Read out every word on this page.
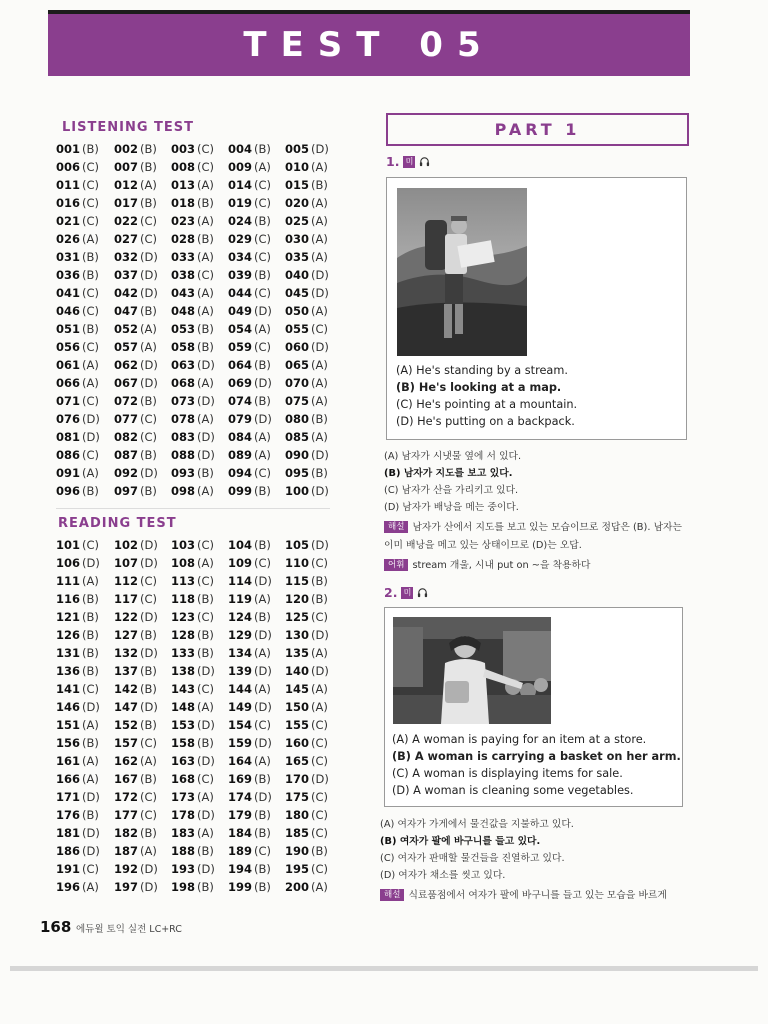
TEST 05
LISTENING TEST
001 (B)	002 (B)	003 (C)	004 (B)	005 (D)
006 (C)	007 (B)	008 (C)	009 (A)	010 (A)
011 (C)	012 (A)	013 (A)	014 (C)	015 (B)
016 (C)	017 (B)	018 (B)	019 (C)	020 (A)
021 (C)	022 (C)	023 (A)	024 (B)	025 (A)
026 (A)	027 (C)	028 (B)	029 (C)	030 (A)
031 (B)	032 (D)	033 (A)	034 (C)	035 (A)
036 (B)	037 (D)	038 (C)	039 (B)	040 (D)
041 (C)	042 (D)	043 (A)	044 (C)	045 (D)
046 (C)	047 (B)	048 (A)	049 (D)	050 (A)
051 (B)	052 (A)	053 (B)	054 (A)	055 (C)
056 (C)	057 (A)	058 (B)	059 (C)	060 (D)
061 (A)	062 (D)	063 (D)	064 (B)	065 (A)
066 (A)	067 (D)	068 (A)	069 (D)	070 (A)
071 (C)	072 (B)	073 (D)	074 (B)	075 (A)
076 (D)	077 (C)	078 (A)	079 (D)	080 (B)
081 (D)	082 (C)	083 (D)	084 (A)	085 (A)
086 (C)	087 (B)	088 (D)	089 (A)	090 (D)
091 (A)	092 (D)	093 (B)	094 (C)	095 (B)
096 (B)	097 (B)	098 (A)	099 (B)	100 (D)
READING TEST
101 (C)	102 (D)	103 (C)	104 (B)	105 (D)
106 (D)	107 (D)	108 (A)	109 (C)	110 (C)
111 (A)	112 (C)	113 (C)	114 (D)	115 (B)
116 (B)	117 (C)	118 (B)	119 (A)	120 (B)
121 (B)	122 (D)	123 (C)	124 (B)	125 (C)
126 (B)	127 (B)	128 (B)	129 (D)	130 (D)
131 (B)	132 (D)	133 (B)	134 (A)	135 (A)
136 (B)	137 (B)	138 (D)	139 (D)	140 (D)
141 (C)	142 (B)	143 (C)	144 (A)	145 (A)
146 (D)	147 (D)	148 (A)	149 (D)	150 (A)
151 (A)	152 (B)	153 (D)	154 (C)	155 (C)
156 (B)	157 (C)	158 (B)	159 (D)	160 (C)
161 (A)	162 (A)	163 (D)	164 (A)	165 (C)
166 (A)	167 (B)	168 (C)	169 (B)	170 (D)
171 (D)	172 (C)	173 (A)	174 (D)	175 (C)
176 (B)	177 (C)	178 (D)	179 (B)	180 (C)
181 (D)	182 (B)	183 (A)	184 (B)	185 (C)
186 (D)	187 (A)	188 (B)	189 (C)	190 (B)
191 (C)	192 (D)	193 (D)	194 (B)	195 (C)
196 (A)	197 (D)	198 (B)	199 (B)	200 (A)
PART 1
1. 미
(A) He's standing by a stream.
(B) He's looking at a map.
(C) He's pointing at a mountain.
(D) He's putting on a backpack.
(A) 남자가 시냇물 옆에 서 있다.
(B) 남자가 지도를 보고 있다.
(C) 남자가 산을 가리키고 있다.
(D) 남자가 배낭을 메는 중이다.
해설 남자가 산에서 지도를 보고 있는 모습이므로 정답은 (B). 남자는
이미 배낭을 메고 있는 상태이므로 (D)는 오답.
어휘 stream 개울, 시내 put on ~을 착용하다
2. 미
(A) A woman is paying for an item at a store.
(B) A woman is carrying a basket on her arm.
(C) A woman is displaying items for sale.
(D) A woman is cleaning some vegetables.
(A) 여자가 가게에서 물건값을 지불하고 있다.
(B) 여자가 팔에 바구니를 들고 있다.
(C) 여자가 판매할 물건들을 진열하고 있다.
(D) 여자가 채소를 씻고 있다.
해설 식료품점에서 여자가 팔에 바구니를 들고 있는 모습을 바르게
168 에듀윌 토익 실전 LC+RC
